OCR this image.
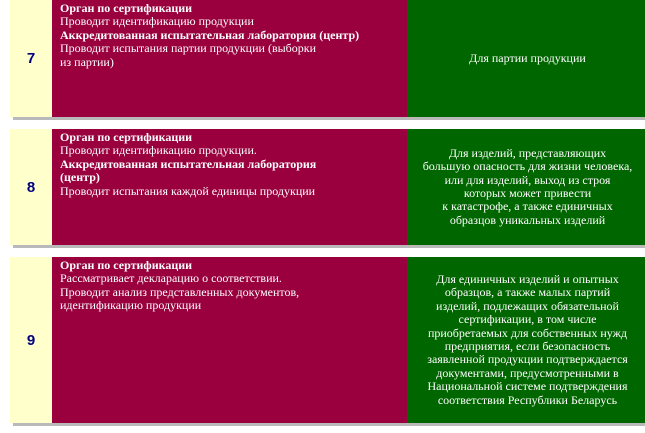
7
Орган по сертификации
Проводит идентификацию продукции
Аккредитованная испытательная лаборатория (центр)
Проводит испытания партии продукции (выборки
из партии)	Для партии продукции
8
Орган по сертификации
Проводит идентификацию продукции.
Аккредитованная испытательная лаборатория
(центр)
Проводит испытания каждой единицы продукции
Для изделий, представляющих
большую опасность для жизни человека,
или для изделий, выход из строя
которых может привести
к катастрофе, а также единичных
образцов уникальных изделий
9
Орган по сертификации
Рассматривает декларацию о соответствии.
Проводит анализ представленных документов,
идентификацию продукции
Для единичных изделий и опытных
образцов, а также малых партий
изделий, подлежащих обязательной
сертификации, в том числе
приобретаемых для собственных нужд
предприятия, если безопасность
заявленной продукции подтверждается
документами, предусмотренными в
Национальной системе подтверждения
соответствия Республики Беларусь
